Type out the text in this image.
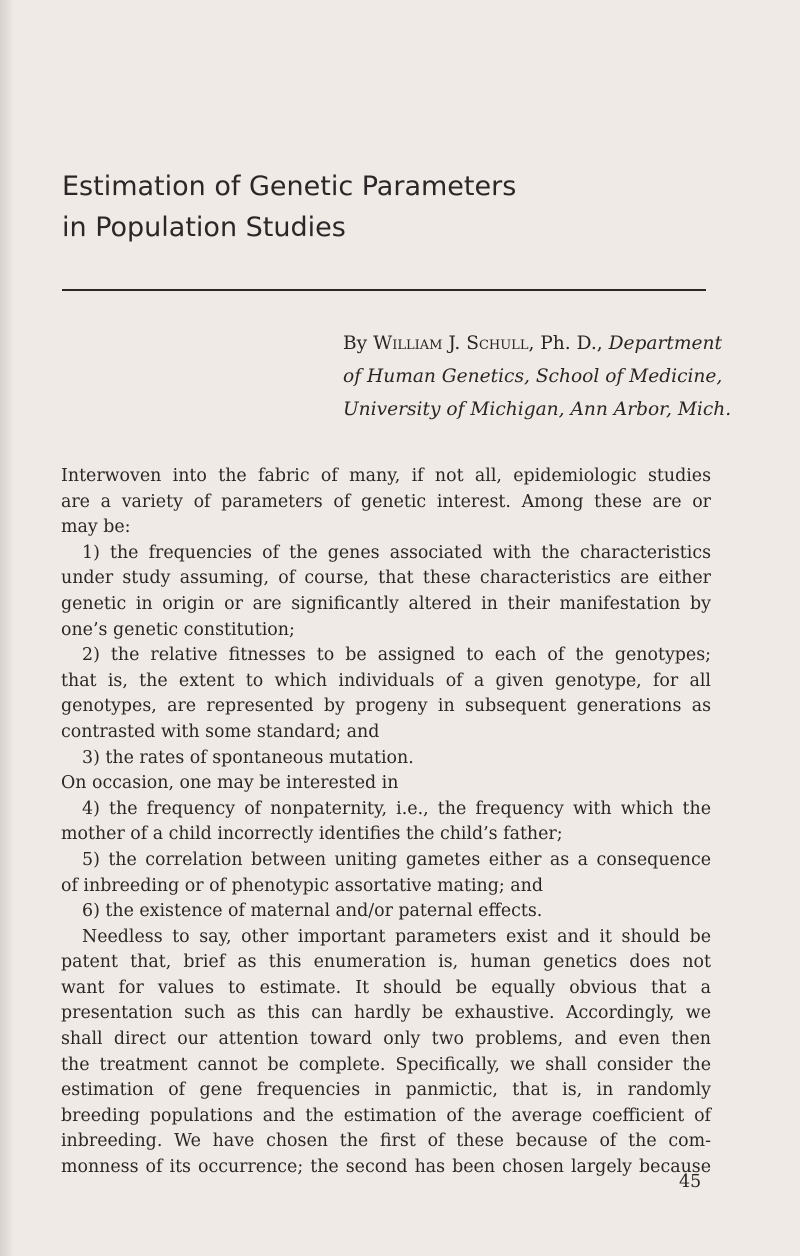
Estimation of Genetic Parameters
in Population Studies
By William J. Schull, Ph. D., Department of Human Genetics, School of Medicine, University of Michigan, Ann Arbor, Mich.
Interwoven into the fabric of many, if not all, epidemiologic studies
are a variety of parameters of genetic interest. Among these are or
may be:
1) the frequencies of the genes associated with the characteristics
under study assuming, of course, that these characteristics are either
genetic in origin or are significantly altered in their manifestation by
one’s genetic constitution;
2) the relative fitnesses to be assigned to each of the genotypes;
that is, the extent to which individuals of a given genotype, for all
genotypes, are represented by progeny in subsequent generations as
contrasted with some standard; and
3) the rates of spontaneous mutation.
On occasion, one may be interested in
4) the frequency of nonpaternity, i.e., the frequency with which the
mother of a child incorrectly identifies the child’s father;
5) the correlation between uniting gametes either as a consequence
of inbreeding or of phenotypic assortative mating; and
6) the existence of maternal and/or paternal effects.
Needless to say, other important parameters exist and it should be
patent that, brief as this enumeration is, human genetics does not
want for values to estimate. It should be equally obvious that a
presentation such as this can hardly be exhaustive. Accordingly, we
shall direct our attention toward only two problems, and even then
the treatment cannot be complete. Specifically, we shall consider the
estimation of gene frequencies in panmictic, that is, in randomly
breeding populations and the estimation of the average coefficient of
inbreeding. We have chosen the first of these because of the com-
monness of its occurrence; the second has been chosen largely because
45
